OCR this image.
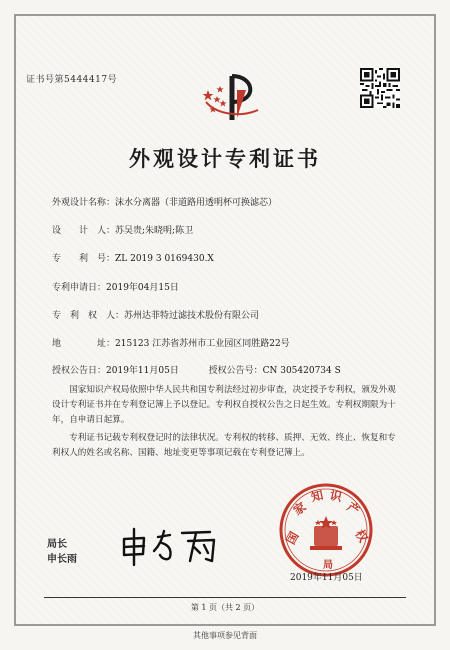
证书号第5444417号
外观设计专利证书
外观设计名称：沫水分离器（非道路用透明杯可换滤芯）
设　　计　人：苏吴贵;朱晓明;陈卫
专　　利　号：ZL 2019 3 0169430.X
专利申请日：2019年04月15日
专　利　权　人：苏州达菲特过滤技术股份有限公司
地　　　　址：215123 江苏省苏州市工业园区同胜路22号
授权公告日：2019年11月05日	授权公告号：CN 305420734 S
　　国家知识产权局依照中华人民共和国专利法经过初步审查，决定授予专利权，颁发外观
设计专利证书并在专利登记簿上予以登记。专利权自授权公告之日起生效。专利权期限为十
年，自申请日起算。
　　专利证书记载专利权登记时的法律状况。专利权的转移、质押、无效、终止、恢复和专
利权人的姓名或名称、国籍、地址变更等事项记载在专利登记簿上。
局长
申长雨
国
家
知 识
产
权
局
2019年11月05日
第 1 页（共 2 页）
其他事项参见背面
